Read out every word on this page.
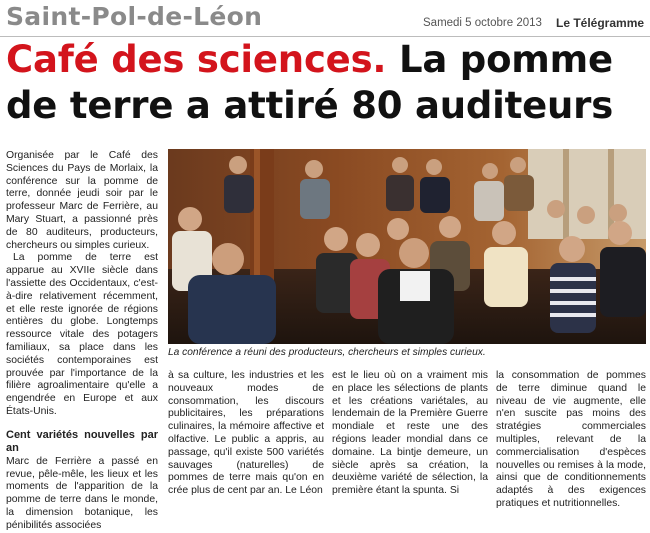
Saint-Pol-de-Léon	Samedi 5 octobre 2013 Le Télégramme
Café des sciences. La pomme
de terre a attiré 80 auditeurs

Organisée par le Café des Sciences du Pays de Morlaix, la conférence sur la pomme de terre, donnée jeudi soir par le professeur Marc de Ferrière, au Mary Stuart, a passionné près de 80 auditeurs, producteurs, chercheurs ou simples curieux.

La pomme de terre est apparue au XVIIe siècle dans l'assiette des Occidentaux, c'est-à-dire relativement récemment, et elle reste ignorée de régions entières du globe. Longtemps ressource vitale des potagers familiaux, sa place dans les sociétés contemporaines est prouvée par l'importance de la filière agroalimentaire qu'elle a engendrée en Europe et aux États-Unis.

Cent variétés nouvelles par an

Marc de Ferrière a passé en revue, pêle-mêle, les lieux et les moments de l'apparition de la pomme de terre dans le monde, la dimension botanique, les pénibilités associées

La conférence a réuni des producteurs, chercheurs et simples curieux.

à sa culture, les industries et les nouveaux modes de consommation, les discours publicitaires, les préparations culinaires, la mémoire affective et olfactive. Le public a appris, au passage, qu'il existe 500 variétés sauvages (naturelles) de pommes de terre mais qu'on en crée plus de cent par an. Le Léon

est le lieu où on a vraiment mis en place les sélections de plants et les créations variétales, au lendemain de la Première Guerre mondiale et reste une des régions leader mondial dans ce domaine. La bintje demeure, un siècle après sa création, la deuxième variété de sélection, la première étant la spunta. Si

la consommation de pommes de terre diminue quand le niveau de vie augmente, elle n'en suscite pas moins des stratégies commerciales multiples, relevant de la commercialisation d'espèces nouvelles ou remises à la mode, ainsi que de conditionnements adaptés à des exigences pratiques et nutritionnelles.
